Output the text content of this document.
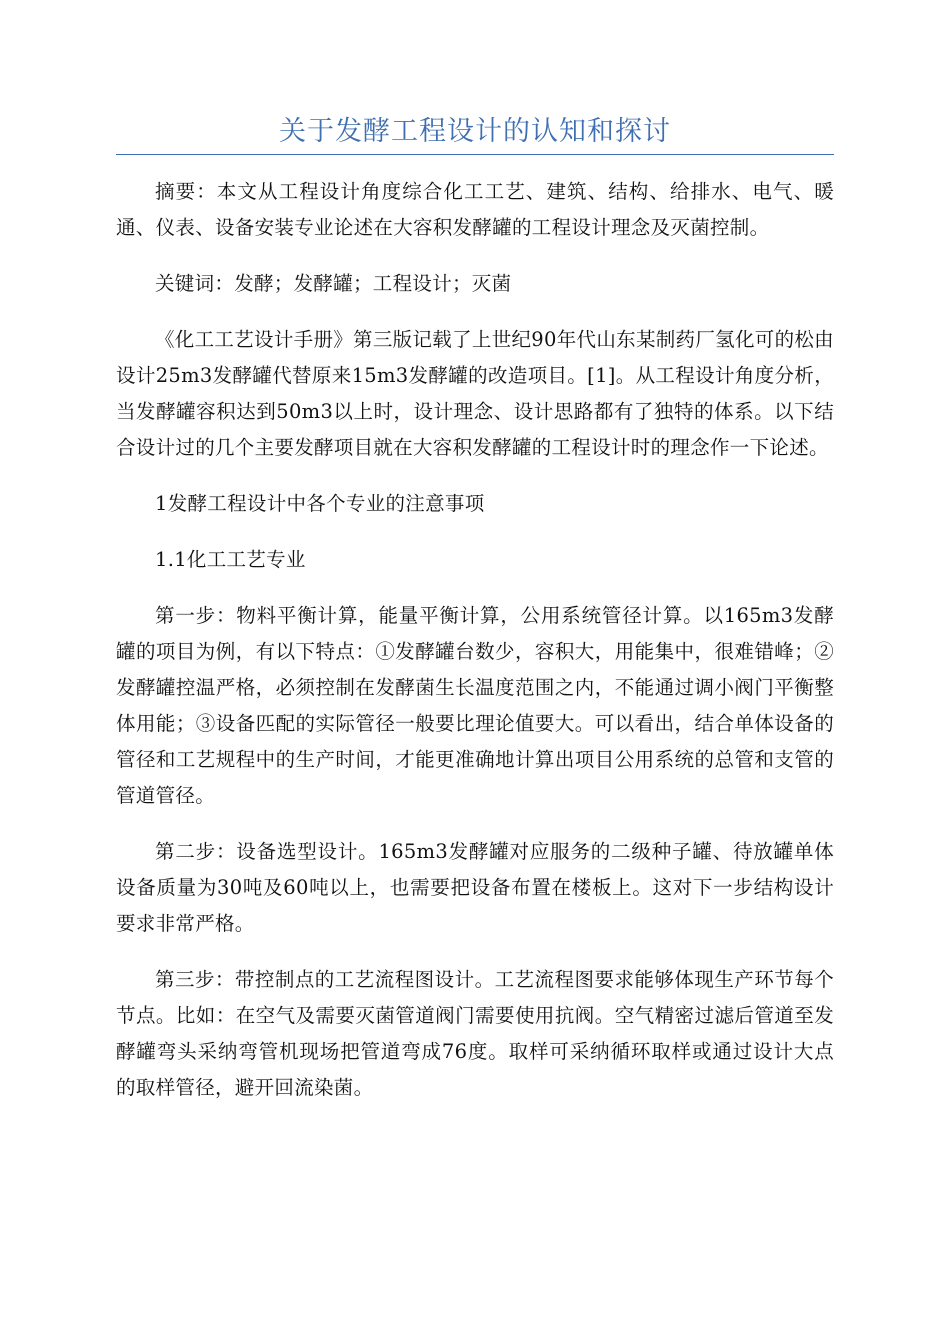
关于发酵工程设计的认知和探讨

摘要：本文从工程设计角度综合化工工艺、建筑、结构、给排水、电气、暖通、仪表、设备安装专业论述在大容积发酵罐的工程设计理念及灭菌控制。

关键词：发酵；发酵罐；工程设计；灭菌

《化工工艺设计手册》第三版记载了上世纪90年代山东某制药厂氢化可的松由设计25m3发酵罐代替原来15m3发酵罐的改造项目。[1]。从工程设计角度分析，当发酵罐容积达到50m3以上时，设计理念、设计思路都有了独特的体系。以下结合设计过的几个主要发酵项目就在大容积发酵罐的工程设计时的理念作一下论述。

1发酵工程设计中各个专业的注意事项

1.1化工工艺专业

第一步：物料平衡计算，能量平衡计算，公用系统管径计算。以165m3发酵罐的项目为例，有以下特点：①发酵罐台数少，容积大，用能集中，很难错峰；②发酵罐控温严格，必须控制在发酵菌生长温度范围之内，不能通过调小阀门平衡整体用能；③设备匹配的实际管径一般要比理论值要大。可以看出，结合单体设备的管径和工艺规程中的生产时间，才能更准确地计算出项目公用系统的总管和支管的管道管径。

第二步：设备选型设计。165m3发酵罐对应服务的二级种子罐、待放罐单体设备质量为30吨及60吨以上，也需要把设备布置在楼板上。这对下一步结构设计要求非常严格。

第三步：带控制点的工艺流程图设计。工艺流程图要求能够体现生产环节每个节点。比如：在空气及需要灭菌管道阀门需要使用抗阀。空气精密过滤后管道至发酵罐弯头采纳弯管机现场把管道弯成76度。取样可采纳循环取样或通过设计大点的取样管径，避开回流染菌。
